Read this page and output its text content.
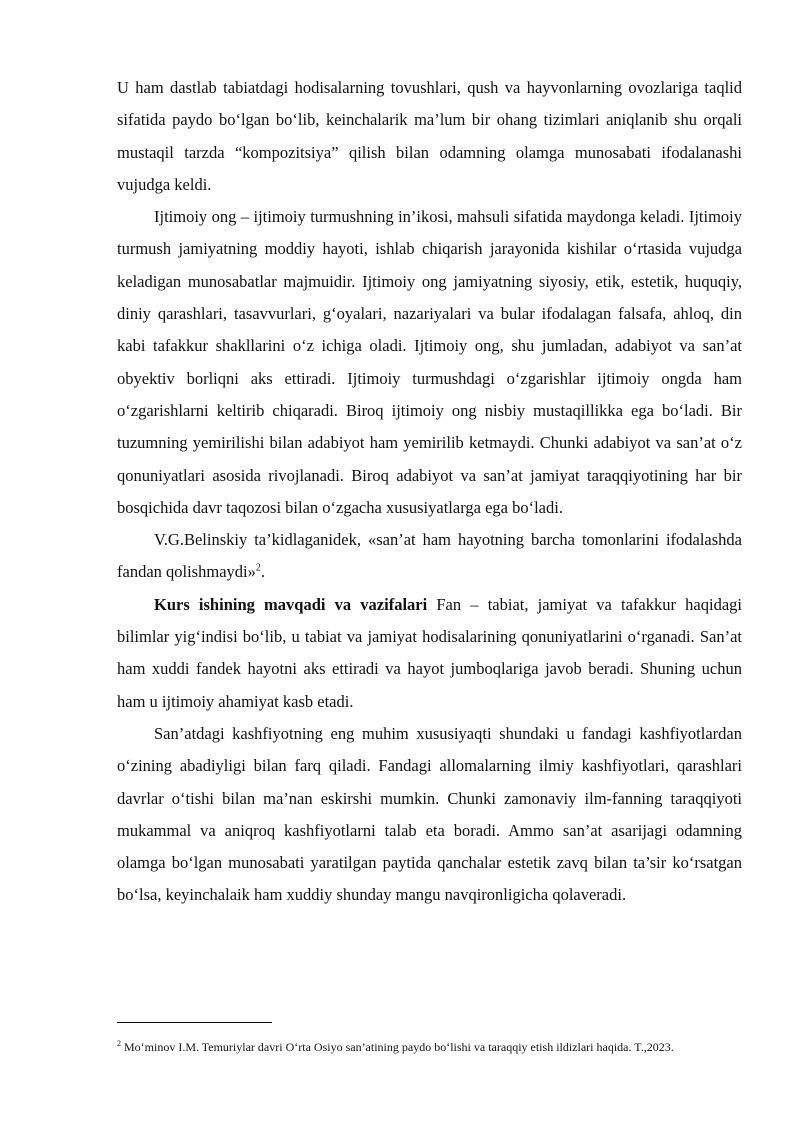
U ham dastlab tabiatdagi hodisalarning tovushlari, qush va hayvonlarning ovozlariga taqlid sifatida paydo bo‘lgan bo‘lib, keinchalarik ma’lum bir ohang tizimlari aniqlanib shu orqali mustaqil tarzda “kompozitsiya” qilish bilan odamning olamga munosabati ifodalanashi vujudga keldi.

Ijtimoiy ong – ijtimoiy turmushning in’ikosi, mahsuli sifatida maydonga keladi. Ijtimoiy turmush jamiyatning moddiy hayoti, ishlab chiqarish jarayonida kishilar o‘rtasida vujudga keladigan munosabatlar majmuidir. Ijtimoiy ong jamiyatning siyosiy, etik, estetik, huquqiy, diniy qarashlari, tasavvurlari, g‘oyalari, nazariyalari va bular ifodalagan falsafa, ahloq, din kabi tafakkur shakllarini o‘z ichiga oladi. Ijtimoiy ong, shu jumladan, adabiyot va san’at obyektiv borliqni aks ettiradi. Ijtimoiy turmushdagi o‘zgarishlar ijtimoiy ongda ham o‘zgarishlarni keltirib chiqaradi. Biroq ijtimoiy ong nisbiy mustaqillikka ega bo‘ladi. Bir tuzumning yemirilishi bilan adabiyot ham yemirilib ketmaydi. Chunki adabiyot va san’at o‘z qonuniyatlari asosida rivojlanadi. Biroq adabiyot va san’at jamiyat taraqqiyotining har bir bosqichida davr taqozosi bilan o‘zgacha xususiyatlarga ega bo‘ladi.

V.G.Belinskiy ta’kidlaganidek, «san’at ham hayotning barcha tomonlarini ifodalashda fandan qolishmaydi»$^2$.

Kurs ishining mavqadi va vazifalari Fan – tabiat, jamiyat va tafakkur haqidagi bilimlar yig‘indisi bo‘lib, u tabiat va jamiyat hodisalarining qonuniyatlarini o‘rganadi. San’at ham xuddi fandek hayotni aks ettiradi va hayot jumboqlariga javob beradi. Shuning uchun ham u ijtimoiy ahamiyat kasb etadi.

San’atdagi kashfiyotning eng muhim xususiyaqti shundaki u fandagi kashfiyotlardan o‘zining abadiyligi bilan farq qiladi. Fandagi allomalarning ilmiy kashfiyotlari, qarashlari davrlar o‘tishi bilan ma’nan eskirshi mumkin. Chunki zamonaviy ilm-fanning taraqqiyoti mukammal va aniqroq kashfiyotlarni talab eta boradi. Ammo san’at asarijagi odamning olamga bo‘lgan munosabati yaratilgan paytida qanchalar estetik zavq bilan ta’sir ko‘rsatgan bo‘lsa, keyinchalaik ham xuddiy shunday mangu navqironligicha qolaveradi.

$^2$ Mo‘minov I.M. Temuriylar davri O‘rta Osiyo san’atining paydo bo‘lishi va taraqqiy etish ildizlari haqida. T.,2023.
